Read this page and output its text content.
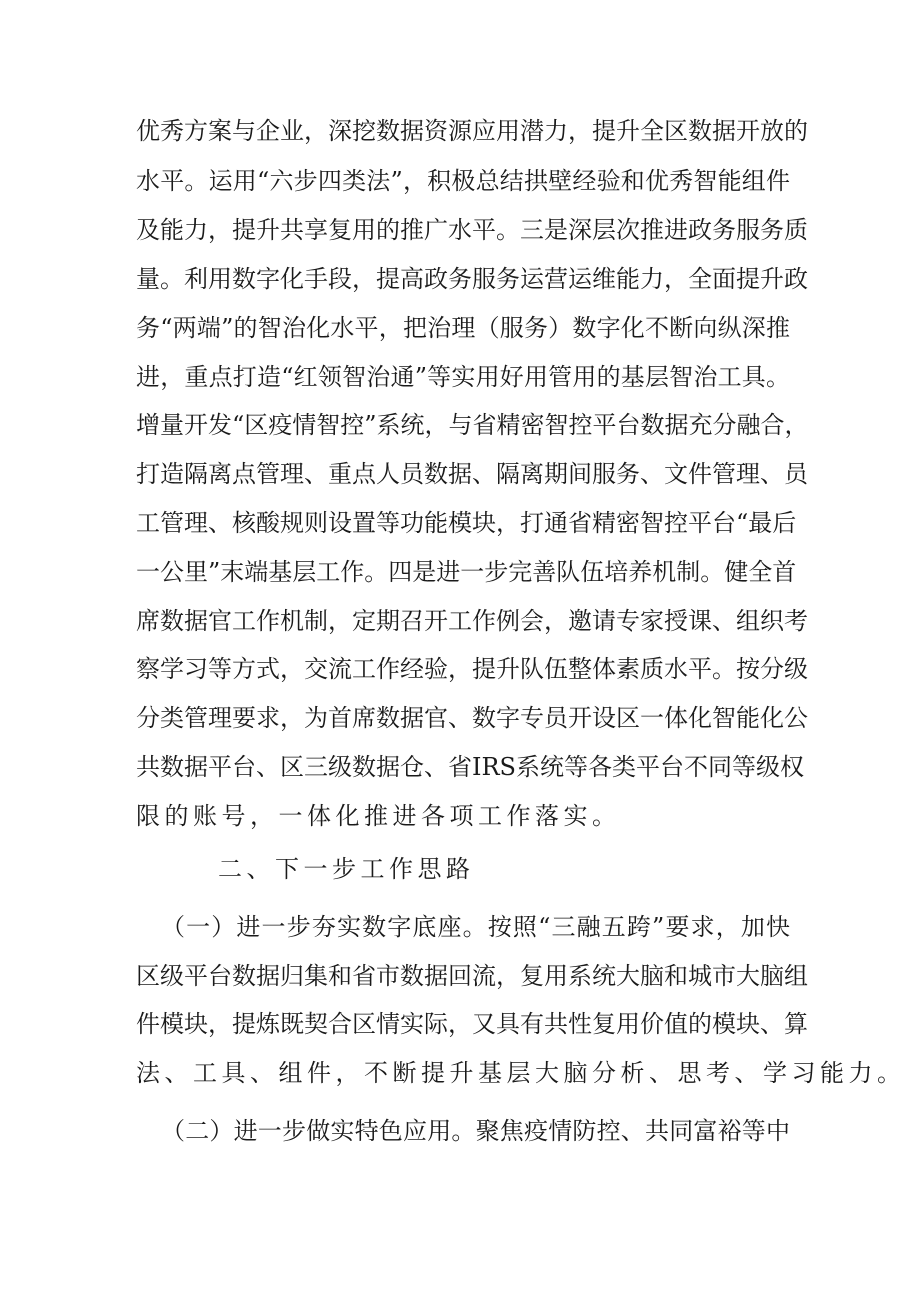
优秀方案与企业，深挖数据资源应用潜力，提升全区数据开放的
水平。运用“六步四类法”，积极总结拱壁经验和优秀智能组件
及能力，提升共享复用的推广水平。三是深层次推进政务服务质
量。利用数字化手段，提高政务服务运营运维能力，全面提升政
务“两端”的智治化水平，把治理（服务）数字化不断向纵深推
进，重点打造“红领智治通”等实用好用管用的基层智治工具。
增量开发“区疫情智控”系统，与省精密智控平台数据充分融合，
打造隔离点管理、重点人员数据、隔离期间服务、文件管理、员
工管理、核酸规则设置等功能模块，打通省精密智控平台“最后
一公里”末端基层工作。四是进一步完善队伍培养机制。健全首
席数据官工作机制，定期召开工作例会，邀请专家授课、组织考
察学习等方式，交流工作经验，提升队伍整体素质水平。按分级
分类管理要求，为首席数据官、数字专员开设区一体化智能化公
共数据平台、区三级数据仓、省IRS系统等各类平台不同等级权
限的账号，一体化推进各项工作落实。
二、下一步工作思路
（一）进一步夯实数字底座。按照“三融五跨”要求，加快
区级平台数据归集和省市数据回流，复用系统大脑和城市大脑组
件模块，提炼既契合区情实际，又具有共性复用价值的模块、算
法、工具、组件，不断提升基层大脑分析、思考、学习能力。
（二）进一步做实特色应用。聚焦疫情防控、共同富裕等中
